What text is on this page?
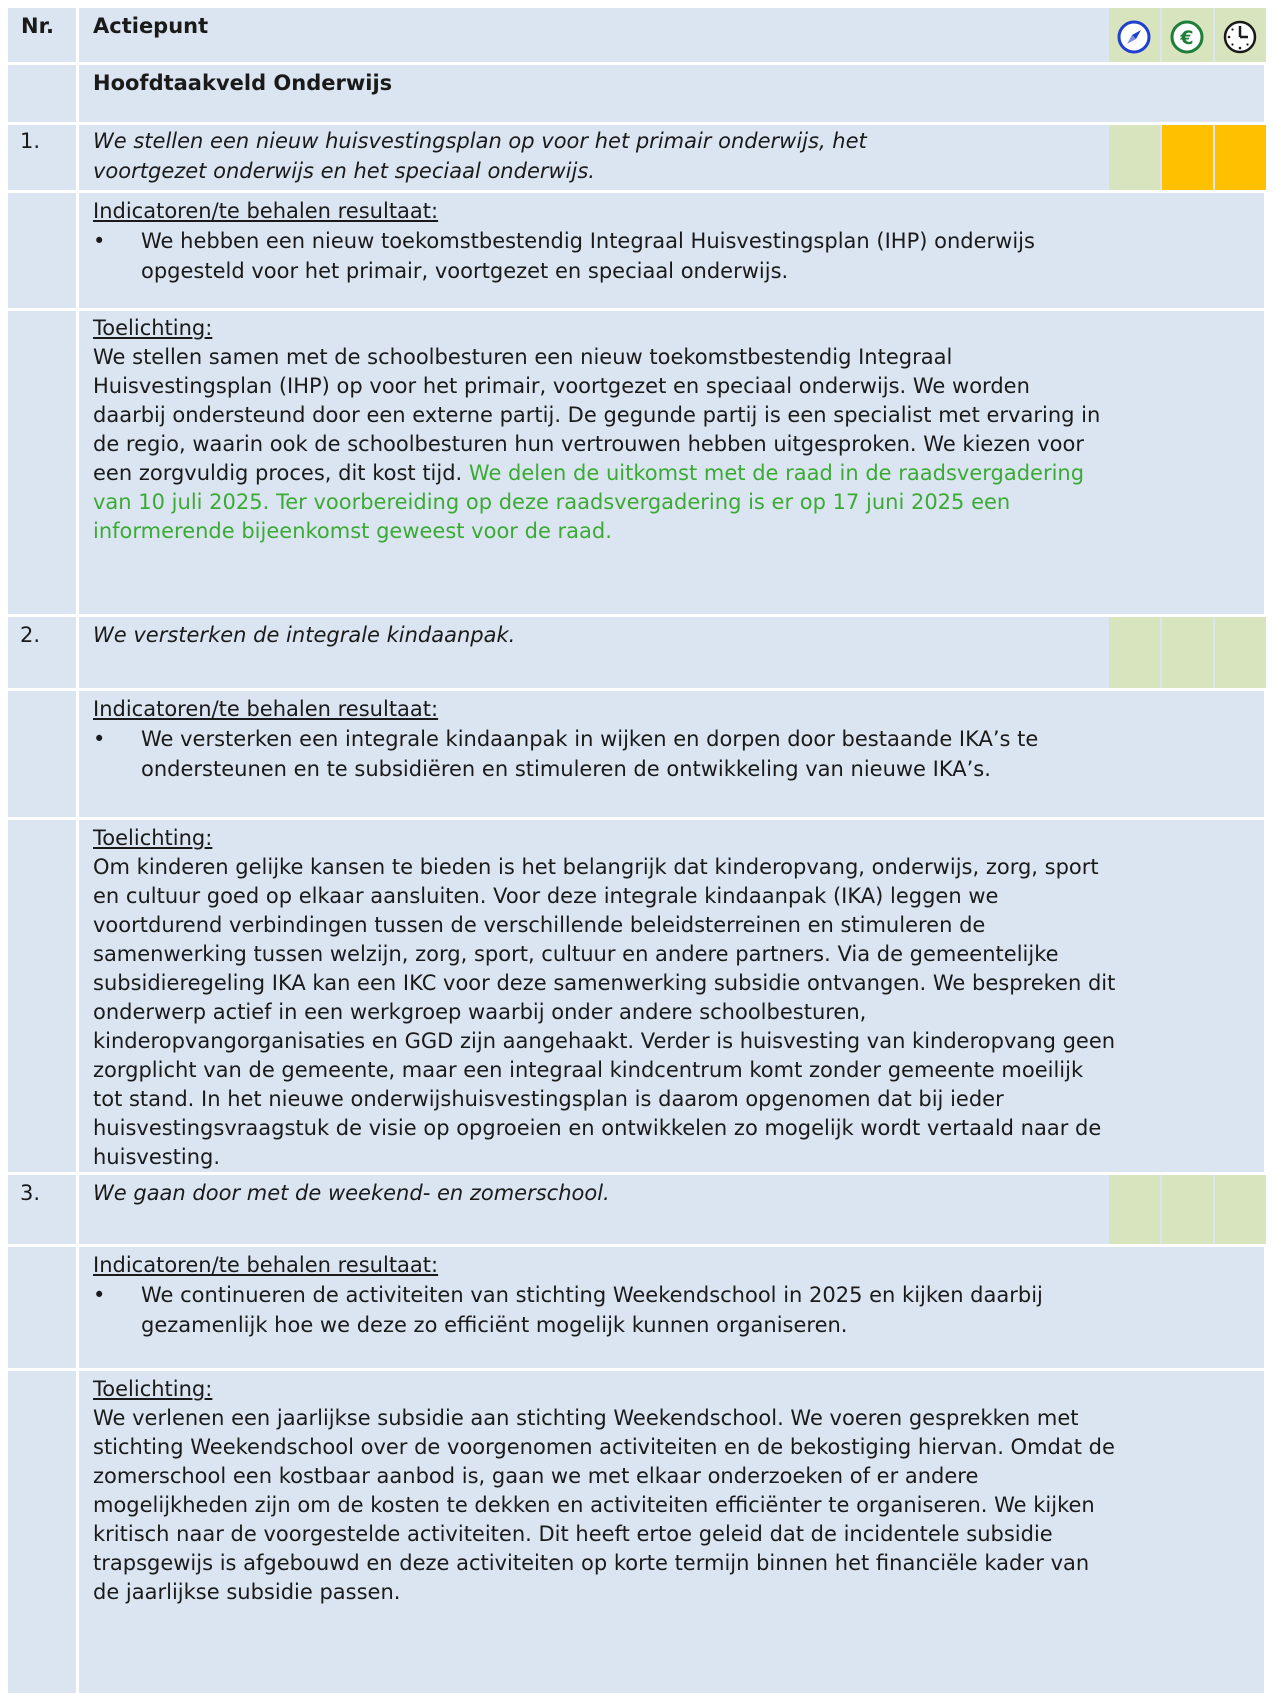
Nr. Actiepunt	€
Hoofdtaakveld Onderwijs
1.	We stellen een nieuw huisvestingsplan op voor het primair onderwijs, het
voortgezet onderwijs en het speciaal onderwijs.
Indicatoren/te behalen resultaat:
• We hebben een nieuw toekomstbestendig Integraal Huisvestingsplan (IHP) onderwijs
opgesteld voor het primair, voortgezet en speciaal onderwijs.
Toelichting:
We stellen samen met de schoolbesturen een nieuw toekomstbestendig Integraal
Huisvestingsplan (IHP) op voor het primair, voortgezet en speciaal onderwijs. We worden
daarbij ondersteund door een externe partij. De gegunde partij is een specialist met ervaring in
de regio, waarin ook de schoolbesturen hun vertrouwen hebben uitgesproken. We kiezen voor
een zorgvuldig proces, dit kost tijd. We delen de uitkomst met de raad in de raadsvergadering
van 10 juli 2025. Ter voorbereiding op deze raadsvergadering is er op 17 juni 2025 een
informerende bijeenkomst geweest voor de raad.
2.	We versterken de integrale kindaanpak.
Indicatoren/te behalen resultaat:
• We versterken een integrale kindaanpak in wijken en dorpen door bestaande IKA’s te
ondersteunen en te subsidiëren en stimuleren de ontwikkeling van nieuwe IKA’s.
Toelichting:
Om kinderen gelijke kansen te bieden is het belangrijk dat kinderopvang, onderwijs, zorg, sport
en cultuur goed op elkaar aansluiten. Voor deze integrale kindaanpak (IKA) leggen we
voortdurend verbindingen tussen de verschillende beleidsterreinen en stimuleren de
samenwerking tussen welzijn, zorg, sport, cultuur en andere partners. Via de gemeentelijke
subsidieregeling IKA kan een IKC voor deze samenwerking subsidie ontvangen. We bespreken dit
onderwerp actief in een werkgroep waarbij onder andere schoolbesturen,
kinderopvangorganisaties en GGD zijn aangehaakt. Verder is huisvesting van kinderopvang geen
zorgplicht van de gemeente, maar een integraal kindcentrum komt zonder gemeente moeilijk
tot stand. In het nieuwe onderwijshuisvestingsplan is daarom opgenomen dat bij ieder
huisvestingsvraagstuk de visie op opgroeien en ontwikkelen zo mogelijk wordt vertaald naar de
huisvesting.
3.	We gaan door met de weekend- en zomerschool.
Indicatoren/te behalen resultaat:
• We continueren de activiteiten van stichting Weekendschool in 2025 en kijken daarbij
gezamenlijk hoe we deze zo efficiënt mogelijk kunnen organiseren.
Toelichting:
We verlenen een jaarlijkse subsidie aan stichting Weekendschool. We voeren gesprekken met
stichting Weekendschool over de voorgenomen activiteiten en de bekostiging hiervan. Omdat de
zomerschool een kostbaar aanbod is, gaan we met elkaar onderzoeken of er andere
mogelijkheden zijn om de kosten te dekken en activiteiten efficiënter te organiseren. We kijken
kritisch naar de voorgestelde activiteiten. Dit heeft ertoe geleid dat de incidentele subsidie
trapsgewijs is afgebouwd en deze activiteiten op korte termijn binnen het financiële kader van
de jaarlijkse subsidie passen.
